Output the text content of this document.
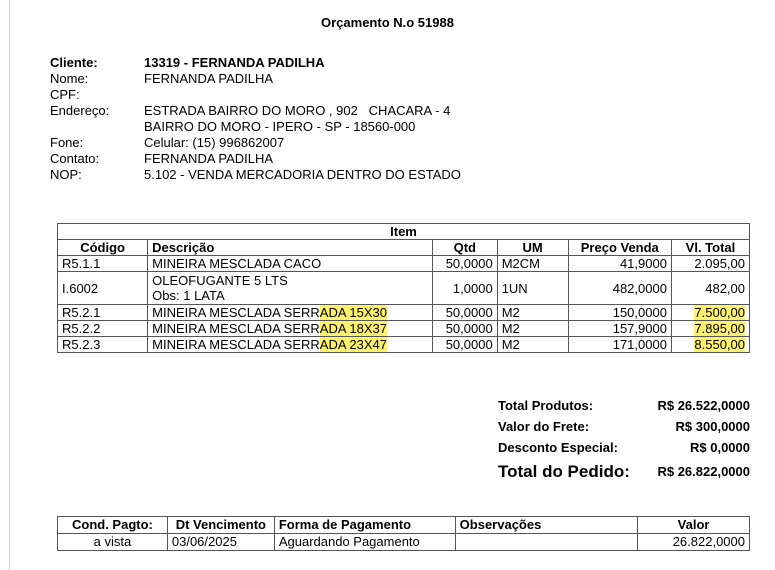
Orçamento N.o 51988
Cliente:	13319 - FERNANDA PADILHA
Nome:	FERNANDA PADILHA
CPF:
Endereço:	ESTRADA BAIRRO DO MORO , 902   CHACARA - 4
BAIRRO DO MORO - IPERO - SP - 18560-000
Fone:	Celular: (15) 996862007
Contato:	FERNANDA PADILHA
NOP:	5.102 - VENDA MERCADORIA DENTRO DO ESTADO
Item					
Código	Descrição	Qtd	UM	Preço Venda	Vl. Total
R5.1.1	MINEIRA MESCLADA CACO	50,0000	M2CM	41,9000	2.095,00
I.6002	OLEOFUGANTE 5 LTS
Obs: 1 LATA	1,0000	1UN	482,0000	482,00
R5.2.1	MINEIRA MESCLADA SERRADA 15X30	50,0000	M2	150,0000	7.500,00
R5.2.2	MINEIRA MESCLADA SERRADA 18X37	50,0000	M2	157,9000	7.895,00
R5.2.3	MINEIRA MESCLADA SERRADA 23X47	50,0000	M2	171,0000	8.550,00
Total Produtos:	R$ 26.522,0000
Valor do Frete:	R$ 300,0000
Desconto Especial:	R$ 0,0000
Total do Pedido: R$ 26.822,0000
Cond. Pagto:	Dt Vencimento	Forma de Pagamento	Observações	Valor
a vista	03/06/2025	Aguardando Pagamento		26.822,0000
